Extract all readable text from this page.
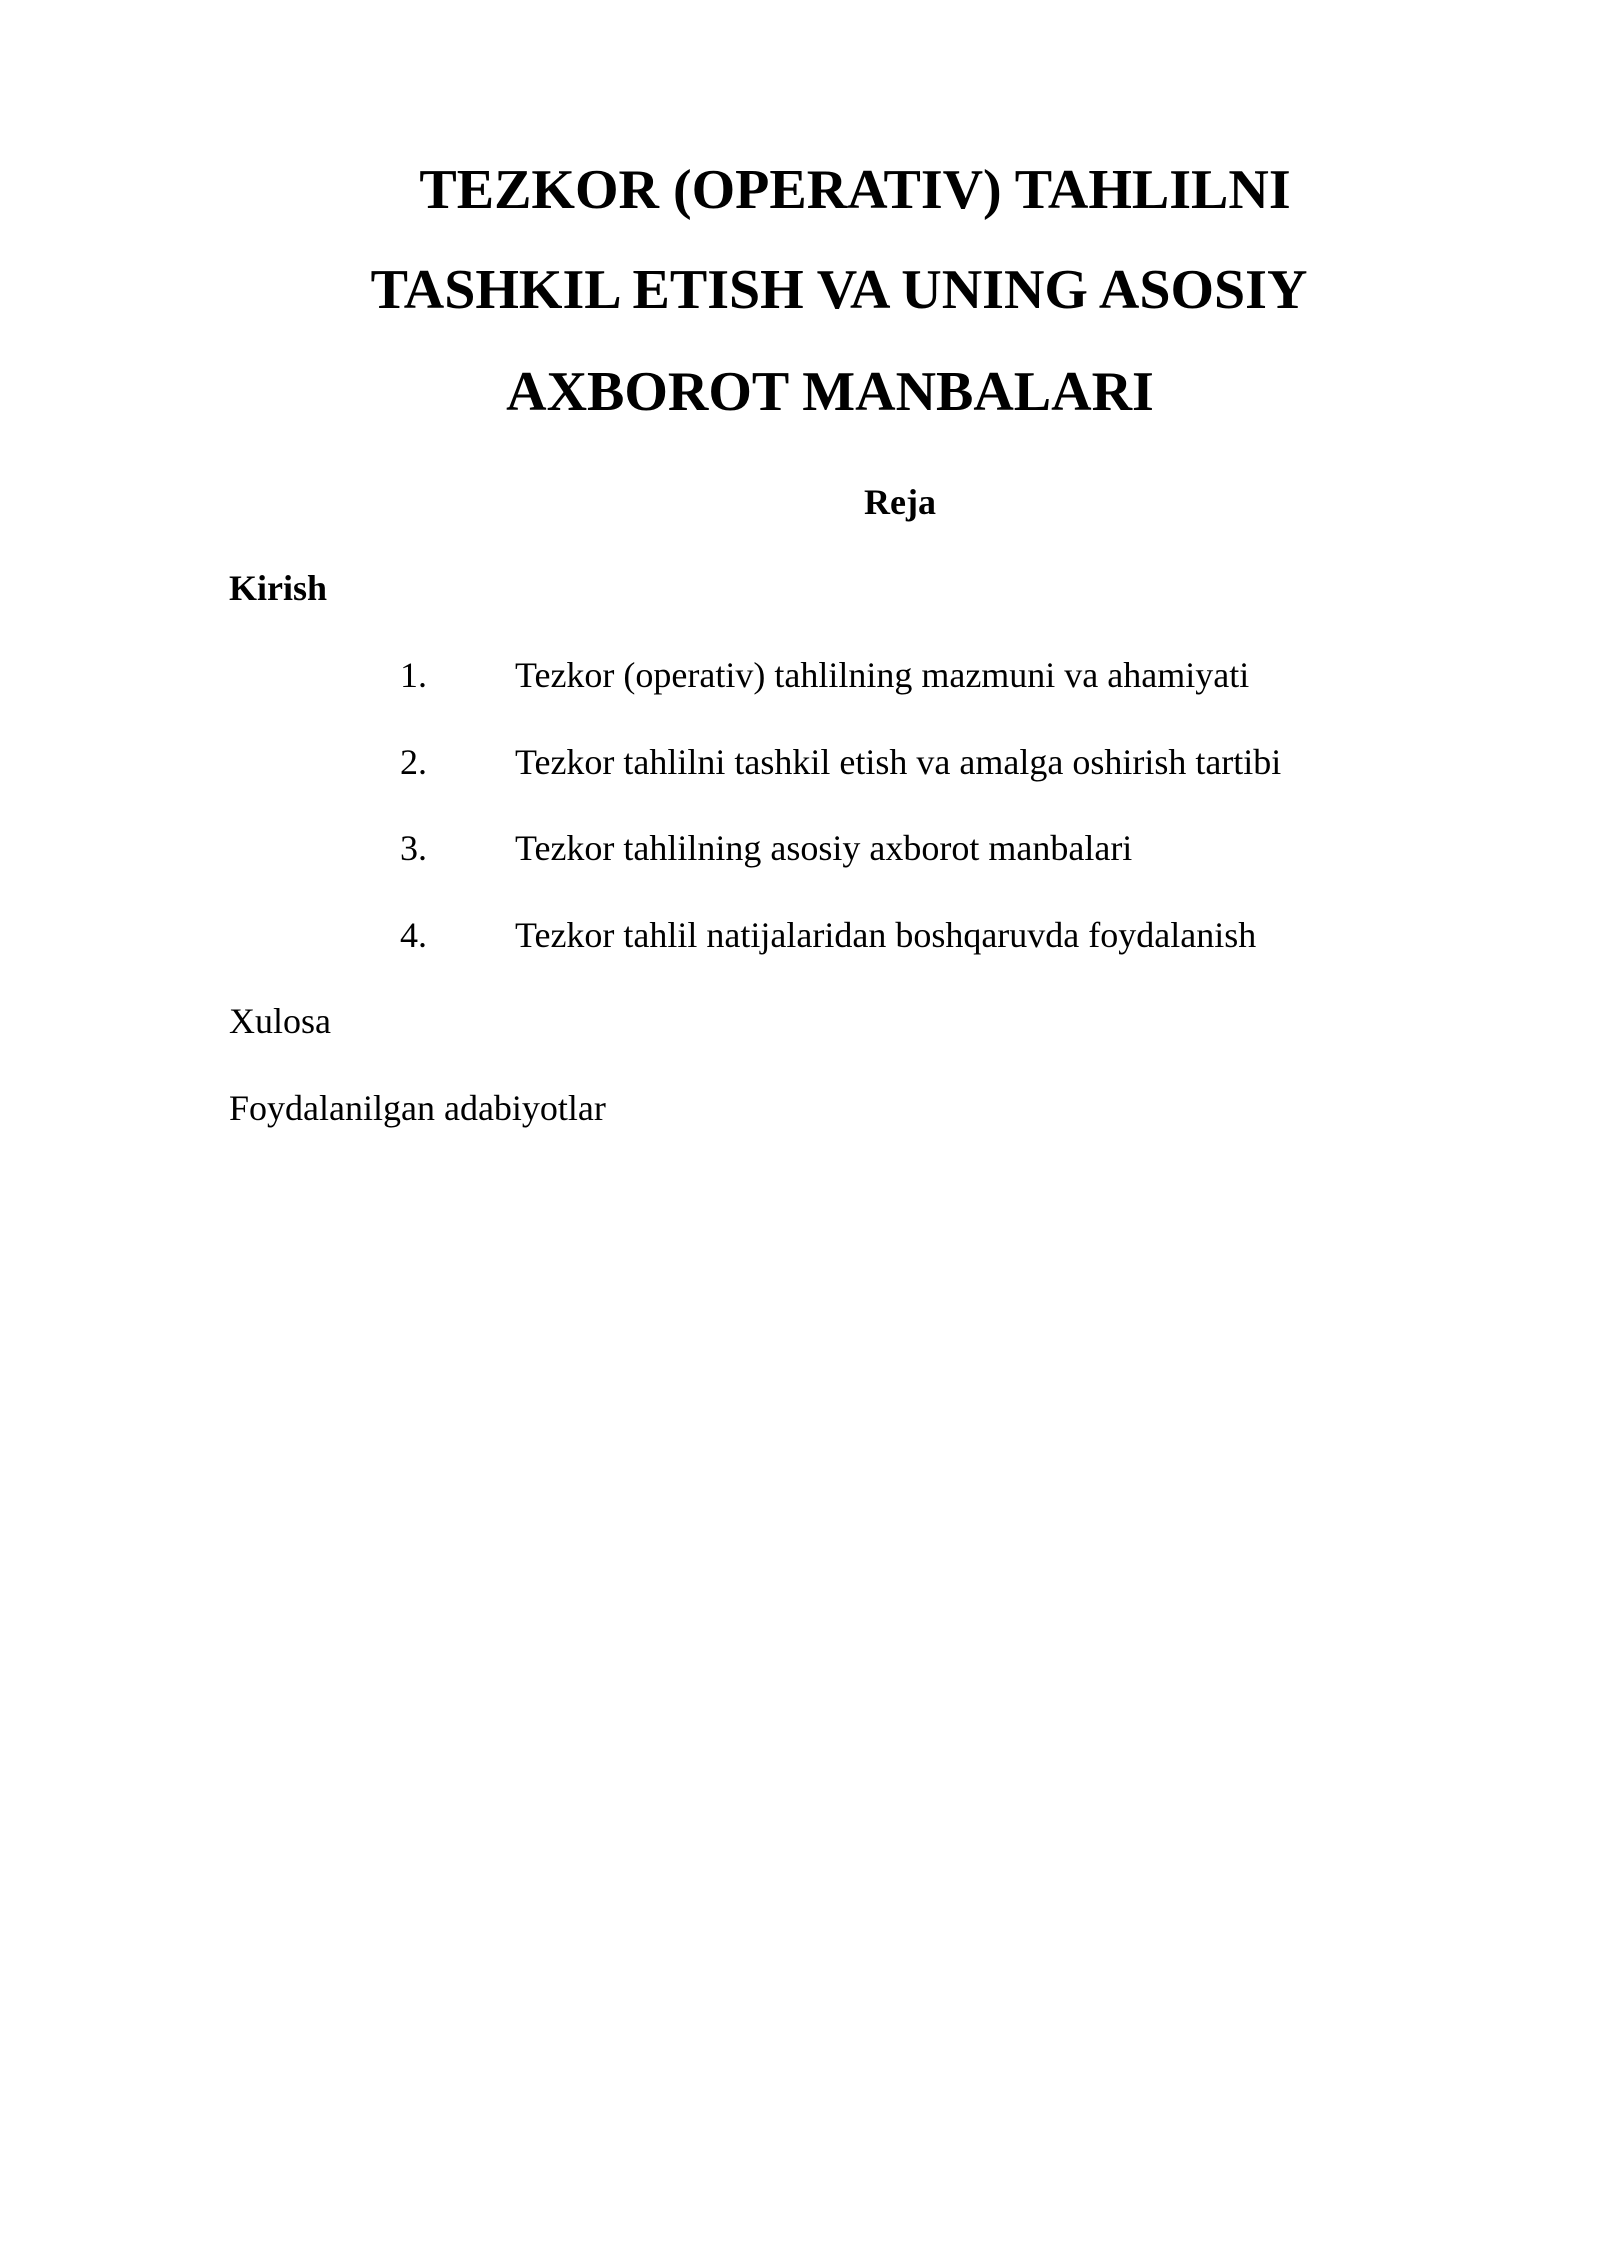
TEZKOR (OPERATIV) TAHLILNI
TASHKIL ETISH VA UNING ASOSIY
AXBOROT MANBALARI
Reja
Kirish
1. Tezkor (operativ) tahlilning mazmuni va ahamiyati
2. Tezkor tahlilni tashkil etish va amalga oshirish tartibi
3. Tezkor tahlilning asosiy axborot manbalari
4. Tezkor tahlil natijalaridan boshqaruvda foydalanish
Xulosa
Foydalanilgan adabiyotlar
